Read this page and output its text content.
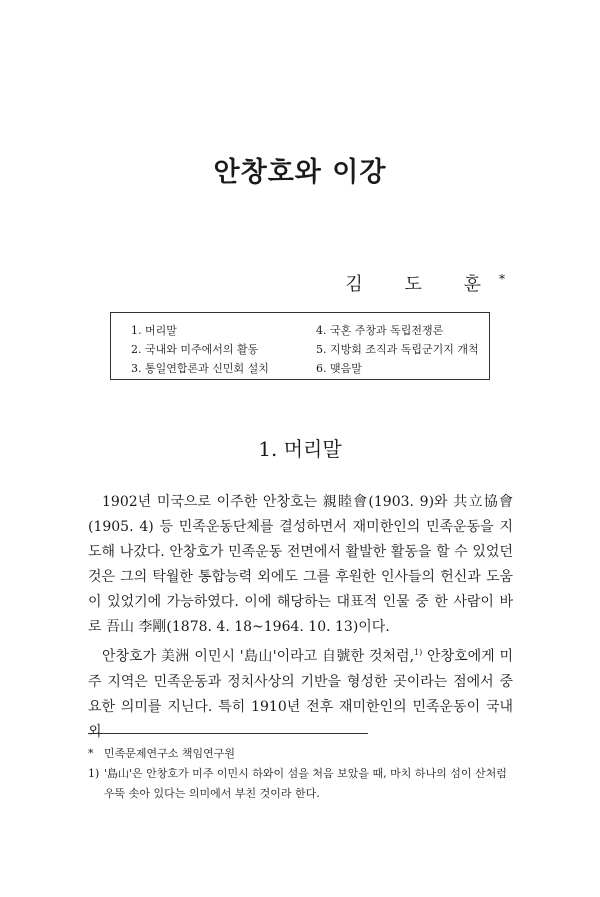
안창호와 이강
김 도 훈*
1. 머리말
2. 국내와 미주에서의 활동
3. 통일연합론과 신민회 설치
4. 국혼 주창과 독립전쟁론
5. 지방회 조직과 독립군기지 개척
6. 맺음말
1. 머리말

1902년 미국으로 이주한 안창호는 親睦會(1903. 9)와 共立協會(1905. 4) 등 민족운동단체를 결성하면서 재미한인의 민족운동을 지도해 나갔다. 안창호가 민족운동 전면에서 활발한 활동을 할 수 있었던 것은 그의 탁월한 통합능력 외에도 그를 후원한 인사들의 헌신과 도움이 있었기에 가능하였다. 이에 해당하는 대표적 인물 중 한 사람이 바로 吾山 李剛(1878. 4. 18~1964. 10. 13)이다.

안창호가 美洲 이민시 '島山'이라고 自號한 것처럼,$^{1)}$ 안창호에게 미주 지역은 민족운동과 정치사상의 기반을 형성한 곳이라는 점에서 중요한 의미를 지닌다. 특히 1910년 전후 재미한인의 민족운동이 국내외

* 민족문제연구소 책임연구원
1) '島山'은 안창호가 미주 이민시 하와이 섬을 처음 보았을 때, 마치 하나의 섬이 산처럼 우뚝 솟아 있다는 의미에서 부친 것이라 한다.
